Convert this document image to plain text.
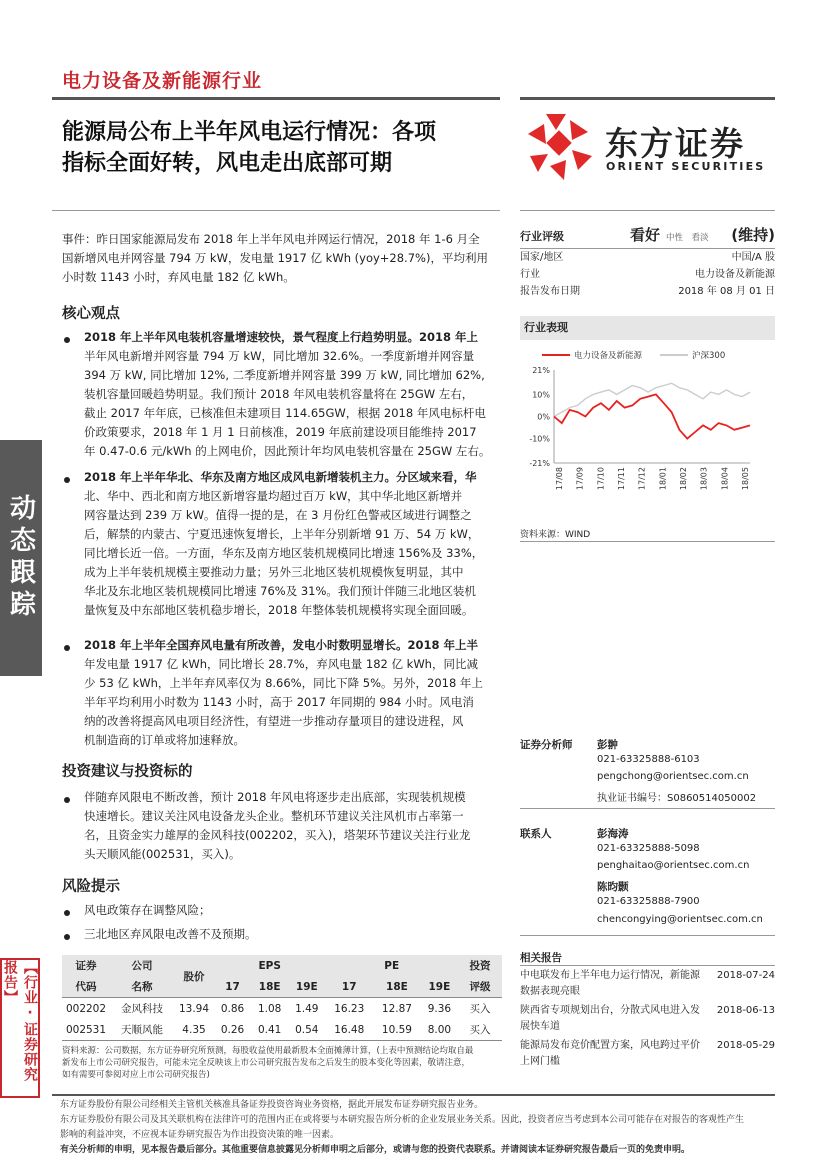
电力设备及新能源行业
能源局公布上半年风电运行情况：各项
指标全面好转，风电走出底部可期
东方证券
ORIENT SECURITIES
动态跟踪
【行业·证券研究报告】
事件：昨日国家能源局发布 2018 年上半年风电并网运行情况，2018 年 1-6 月全
国新增风电并网容量 794 万 kW，发电量 1917 亿 kWh (yoy+28.7%)，平均利用
小时数 1143 小时，弃风电量 182 亿 kWh。
核心观点
2018 年上半年风电装机容量增速较快，景气程度上行趋势明显。2018 年上
半年风电新增并网容量 794 万 kW，同比增加 32.6%。一季度新增并网容量
394 万 kW, 同比增加 12%, 二季度新增并网容量 399 万 kW, 同比增加 62%,
装机容量回暖趋势明显。我们预计 2018 年风电装机容量将在 25GW 左右，
截止 2017 年年底，已核准但未建项目 114.65GW，根据 2018 年风电标杆电
价政策要求，2018 年 1 月 1 日前核准，2019 年底前建设项目能维持 2017
年 0.47-0.6 元/kWh 的上网电价，因此预计年均风电装机容量在 25GW 左右。
2018 年上半年华北、华东及南方地区成风电新增装机主力。分区域来看，华
北、华中、西北和南方地区新增容量均超过百万 kW，其中华北地区新增并
网容量达到 239 万 kW。值得一提的是，在 3 月份红色警戒区域进行调整之
后，解禁的内蒙古、宁夏迅速恢复增长，上半年分别新增 91 万、54 万 kW，
同比增长近一倍。一方面，华东及南方地区装机规模同比增速 156%及 33%，
成为上半年装机规模主要推动力量；另外三北地区装机规模恢复明显，其中
华北及东北地区装机规模同比增速 76%及 31%。我们预计伴随三北地区装机
量恢复及中东部地区装机稳步增长，2018 年整体装机规模将实现全面回暖。
2018 年上半年全国弃风电量有所改善，发电小时数明显增长。2018 年上半
年发电量 1917 亿 kWh，同比增长 28.7%，弃风电量 182 亿 kWh，同比减
少 53 亿 kWh，上半年弃风率仅为 8.66%，同比下降 5%。另外，2018 年上
半年平均利用小时数为 1143 小时，高于 2017 年同期的 984 小时。风电消
纳的改善将提高风电项目经济性，有望进一步推动存量项目的建设进程，风
机制造商的订单或将加速释放。
投资建议与投资标的
伴随弃风限电不断改善，预计 2018 年风电将逐步走出底部，实现装机规模
快速增长。建议关注风电设备龙头企业。整机环节建议关注风机市占率第一
名，且资金实力雄厚的金风科技(002202，买入)，塔架环节建议关注行业龙
头天顺风能(002531，买入)。
风险提示
风电政策存在调整风险；
三北地区弃风限电改善不及预期。
证券	公司	股价	EPS			PE			投资
代码	名称		17	18E	19E	17	18E	19E	评级
002202	金风科技	13.94	0.86	1.08	1.49	16.23	12.87	9.36	买入
002531	天顺风能	4.35	0.26	0.41	0.54	16.48	10.59	8.00	买入
资料来源：公司数据，东方证券研究所预测，每股收益使用最新股本全面摊薄计算，(上表中预测结论均取自最
新发布上市公司研究报告，可能未完全反映该上市公司研究报告发布之后发生的股本变化等因素，敬请注意，
如有需要可参阅对应上市公司研究报告)
行业评级	看好 中性　看淡 (维持)
国家/地区	中国/A 股
行业	电力设备及新能源
报告发布日期	2018 年 08 月 01 日
行业表现
电力设备及新能源	沪深300
21%
10%
0%
-10%
-21%
17/08 17/09 17/10 17/11 17/12 18/01 18/02 18/03 18/04 18/05
资料来源：WIND
证券分析师 彭翀
021-63325888-6103
pengchong@orientsec.com.cn
执业证书编号：S0860514050002
联系人	彭海涛
021-63325888-5098
penghaitao@orientsec.com.cn
陈昀颢
021-63325888-7900
chencongying@orientsec.com.cn
相关报告
中电联发布上半年电力运行情况，新能源
数据表现亮眼
2018-07-24
陕西省专项规划出台，分散式风电进入发
展快车道
2018-06-13
能源局发布竞价配置方案，风电跨过平价
上网门槛
2018-05-29
东方证券股份有限公司经相关主管机关核准具备证券投资咨询业务资格，据此开展发布证券研究报告业务。
东方证券股份有限公司及其关联机构在法律许可的范围内正在或将要与本研究报告所分析的企业发展业务关系。因此，投资者应当考虑到本公司可能存在对报告的客观性产生
影响的利益冲突，不应视本证券研究报告为作出投资决策的唯一因素。
有关分析师的申明，见本报告最后部分。其他重要信息披露见分析师申明之后部分，或请与您的投资代表联系。并请阅读本证券研究报告最后一页的免责申明。
